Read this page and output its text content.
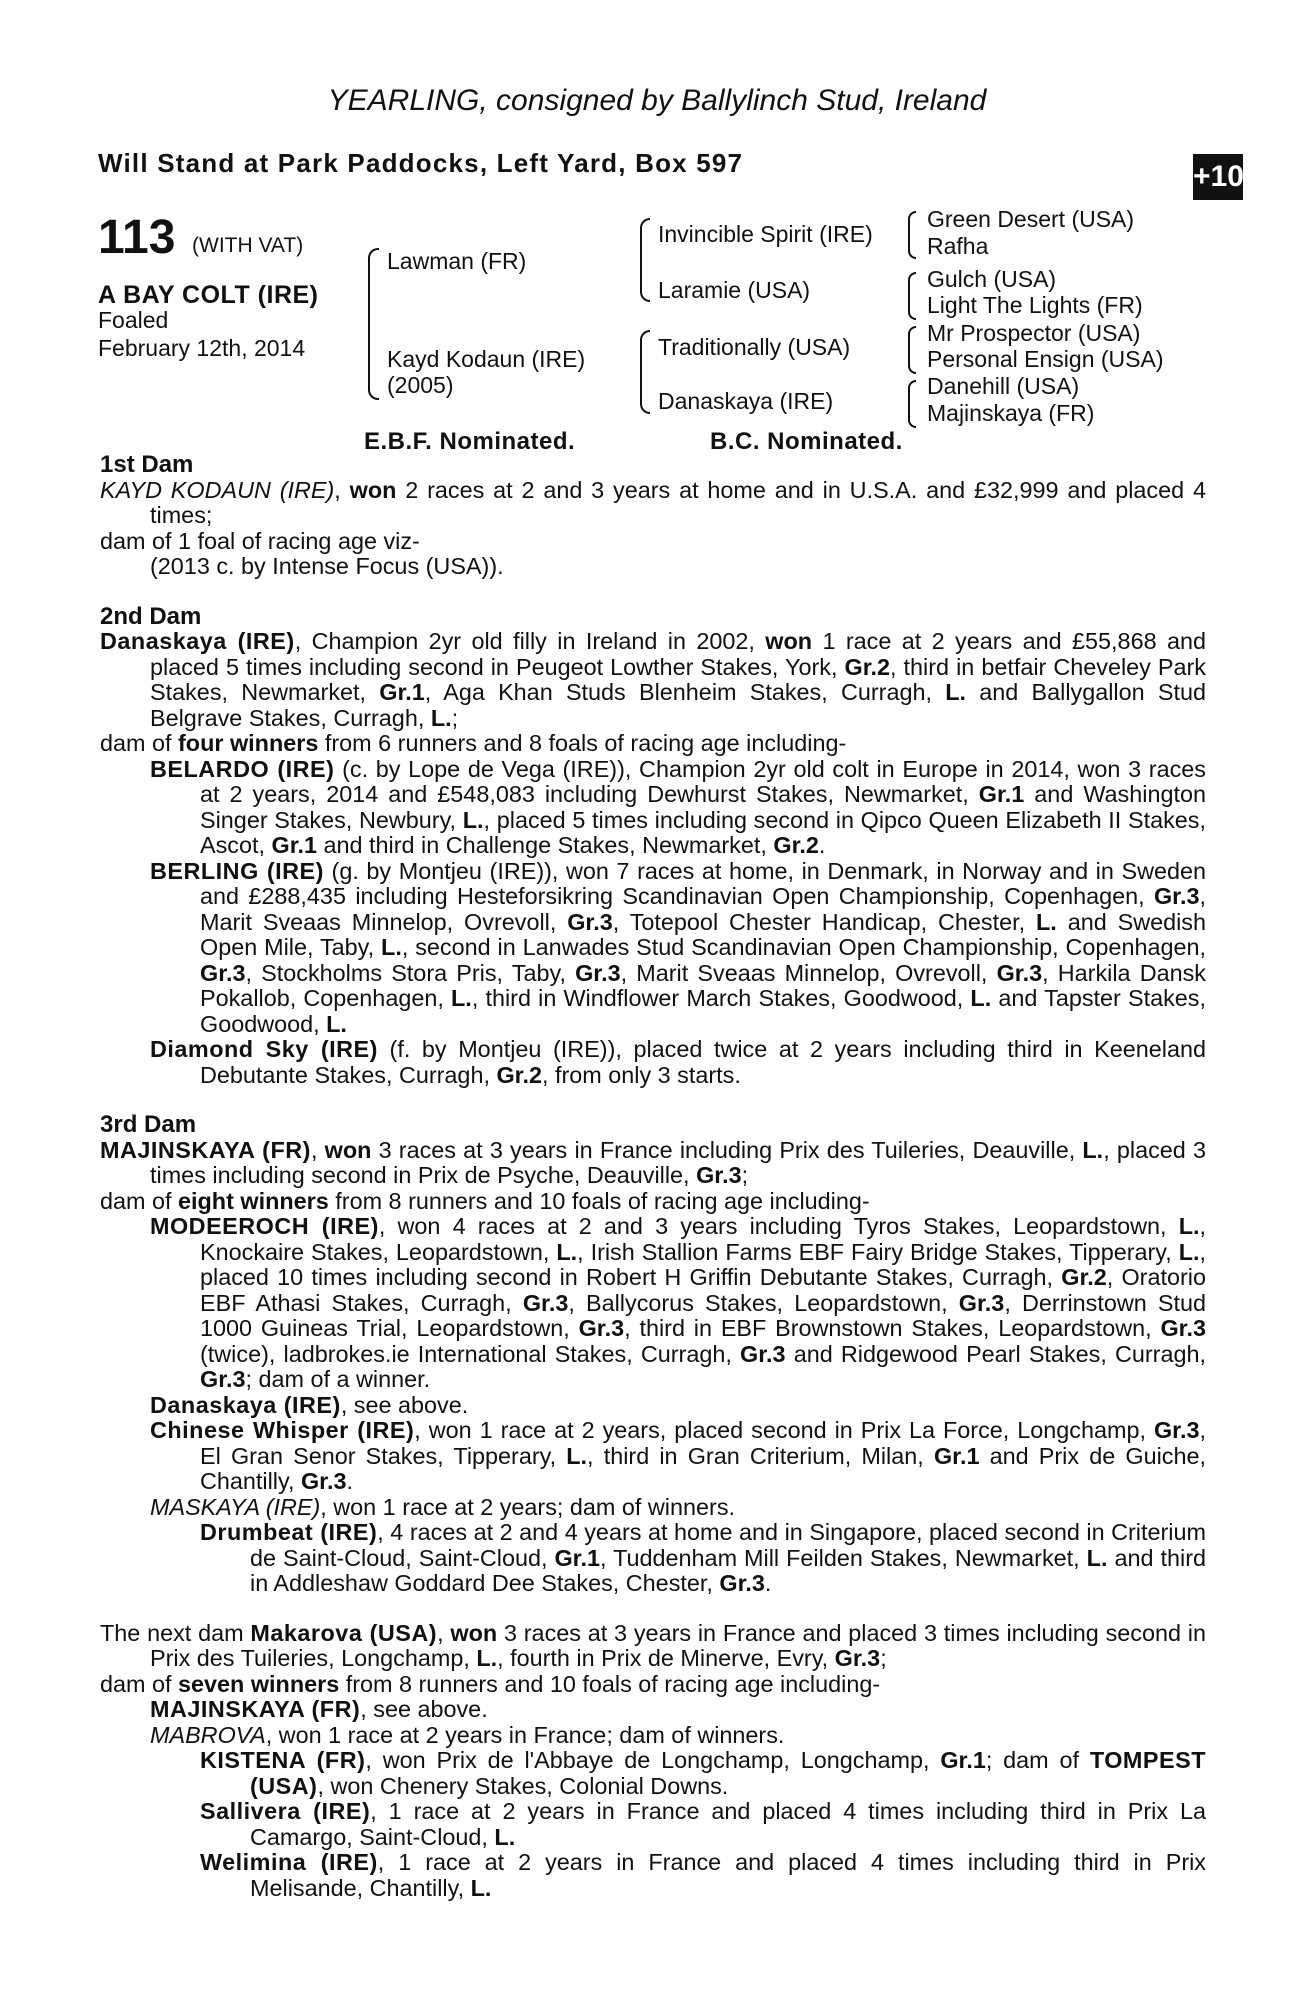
YEARLING, consigned by Ballylinch Stud, Ireland
Will Stand at Park Paddocks, Left Yard, Box 597	+10
113 (WITH VAT)
A BAY COLT (IRE)
Foaled
February 12th, 2014
Lawman (FR)
Kayd Kodaun (IRE)
(2005)
Invincible Spirit (IRE)
Laramie (USA)
Traditionally (USA)
Danaskaya (IRE)
Green Desert (USA)
Rafha
Gulch (USA)
Light The Lights (FR)
Mr Prospector (USA)
Personal Ensign (USA)
Danehill (USA)
Majinskaya (FR)
E.B.F. Nominated.	B.C. Nominated.
1st Dam
KAYD KODAUN (IRE), won 2 races at 2 and 3 years at home and in U.S.A. and £32,999 and placed 4 times;
dam of 1 foal of racing age viz-
(2013 c. by Intense Focus (USA)).
2nd Dam
Danaskaya (IRE), Champion 2yr old filly in Ireland in 2002, won 1 race at 2 years and £55,868 and placed 5 times including second in Peugeot Lowther Stakes, York, Gr.2, third in betfair Cheveley Park Stakes, Newmarket, Gr.1, Aga Khan Studs Blenheim Stakes, Curragh, L. and Ballygallon Stud Belgrave Stakes, Curragh, L.;
dam of four winners from 6 runners and 8 foals of racing age including-
BELARDO (IRE) (c. by Lope de Vega (IRE)), Champion 2yr old colt in Europe in 2014, won 3 races at 2 years, 2014 and £548,083 including Dewhurst Stakes, Newmarket, Gr.1 and Washington Singer Stakes, Newbury, L., placed 5 times including second in Qipco Queen Elizabeth II Stakes, Ascot, Gr.1 and third in Challenge Stakes, Newmarket, Gr.2.
BERLING (IRE) (g. by Montjeu (IRE)), won 7 races at home, in Denmark, in Norway and in Sweden and £288,435 including Hesteforsikring Scandinavian Open Championship, Copenhagen, Gr.3, Marit Sveaas Minnelop, Ovrevoll, Gr.3, Totepool Chester Handicap, Chester, L. and Swedish Open Mile, Taby, L., second in Lanwades Stud Scandinavian Open Championship, Copenhagen, Gr.3, Stockholms Stora Pris, Taby, Gr.3, Marit Sveaas Minnelop, Ovrevoll, Gr.3, Harkila Dansk Pokallob, Copenhagen, L., third in Windflower March Stakes, Goodwood, L. and Tapster Stakes, Goodwood, L.
Diamond Sky (IRE) (f. by Montjeu (IRE)), placed twice at 2 years including third in Keeneland Debutante Stakes, Curragh, Gr.2, from only 3 starts.
3rd Dam
MAJINSKAYA (FR), won 3 races at 3 years in France including Prix des Tuileries, Deauville, L., placed 3 times including second in Prix de Psyche, Deauville, Gr.3;
dam of eight winners from 8 runners and 10 foals of racing age including-
MODEEROCH (IRE), won 4 races at 2 and 3 years including Tyros Stakes, Leopardstown, L., Knockaire Stakes, Leopardstown, L., Irish Stallion Farms EBF Fairy Bridge Stakes, Tipperary, L., placed 10 times including second in Robert H Griffin Debutante Stakes, Curragh, Gr.2, Oratorio EBF Athasi Stakes, Curragh, Gr.3, Ballycorus Stakes, Leopardstown, Gr.3, Derrinstown Stud 1000 Guineas Trial, Leopardstown, Gr.3, third in EBF Brownstown Stakes, Leopardstown, Gr.3 (twice), ladbrokes.ie International Stakes, Curragh, Gr.3 and Ridgewood Pearl Stakes, Curragh, Gr.3; dam of a winner.
Danaskaya (IRE), see above.
Chinese Whisper (IRE), won 1 race at 2 years, placed second in Prix La Force, Longchamp, Gr.3, El Gran Senor Stakes, Tipperary, L., third in Gran Criterium, Milan, Gr.1 and Prix de Guiche, Chantilly, Gr.3.
MASKAYA (IRE), won 1 race at 2 years; dam of winners.
Drumbeat (IRE), 4 races at 2 and 4 years at home and in Singapore, placed second in Criterium de Saint-Cloud, Saint-Cloud, Gr.1, Tuddenham Mill Feilden Stakes, Newmarket, L. and third in Addleshaw Goddard Dee Stakes, Chester, Gr.3.
The next dam Makarova (USA), won 3 races at 3 years in France and placed 3 times including second in Prix des Tuileries, Longchamp, L., fourth in Prix de Minerve, Evry, Gr.3;
dam of seven winners from 8 runners and 10 foals of racing age including-
MAJINSKAYA (FR), see above.
MABROVA, won 1 race at 2 years in France; dam of winners.
KISTENA (FR), won Prix de l'Abbaye de Longchamp, Longchamp, Gr.1; dam of TOMPEST (USA), won Chenery Stakes, Colonial Downs.
Sallivera (IRE), 1 race at 2 years in France and placed 4 times including third in Prix La Camargo, Saint-Cloud, L.
Welimina (IRE), 1 race at 2 years in France and placed 4 times including third in Prix Melisande, Chantilly, L.
